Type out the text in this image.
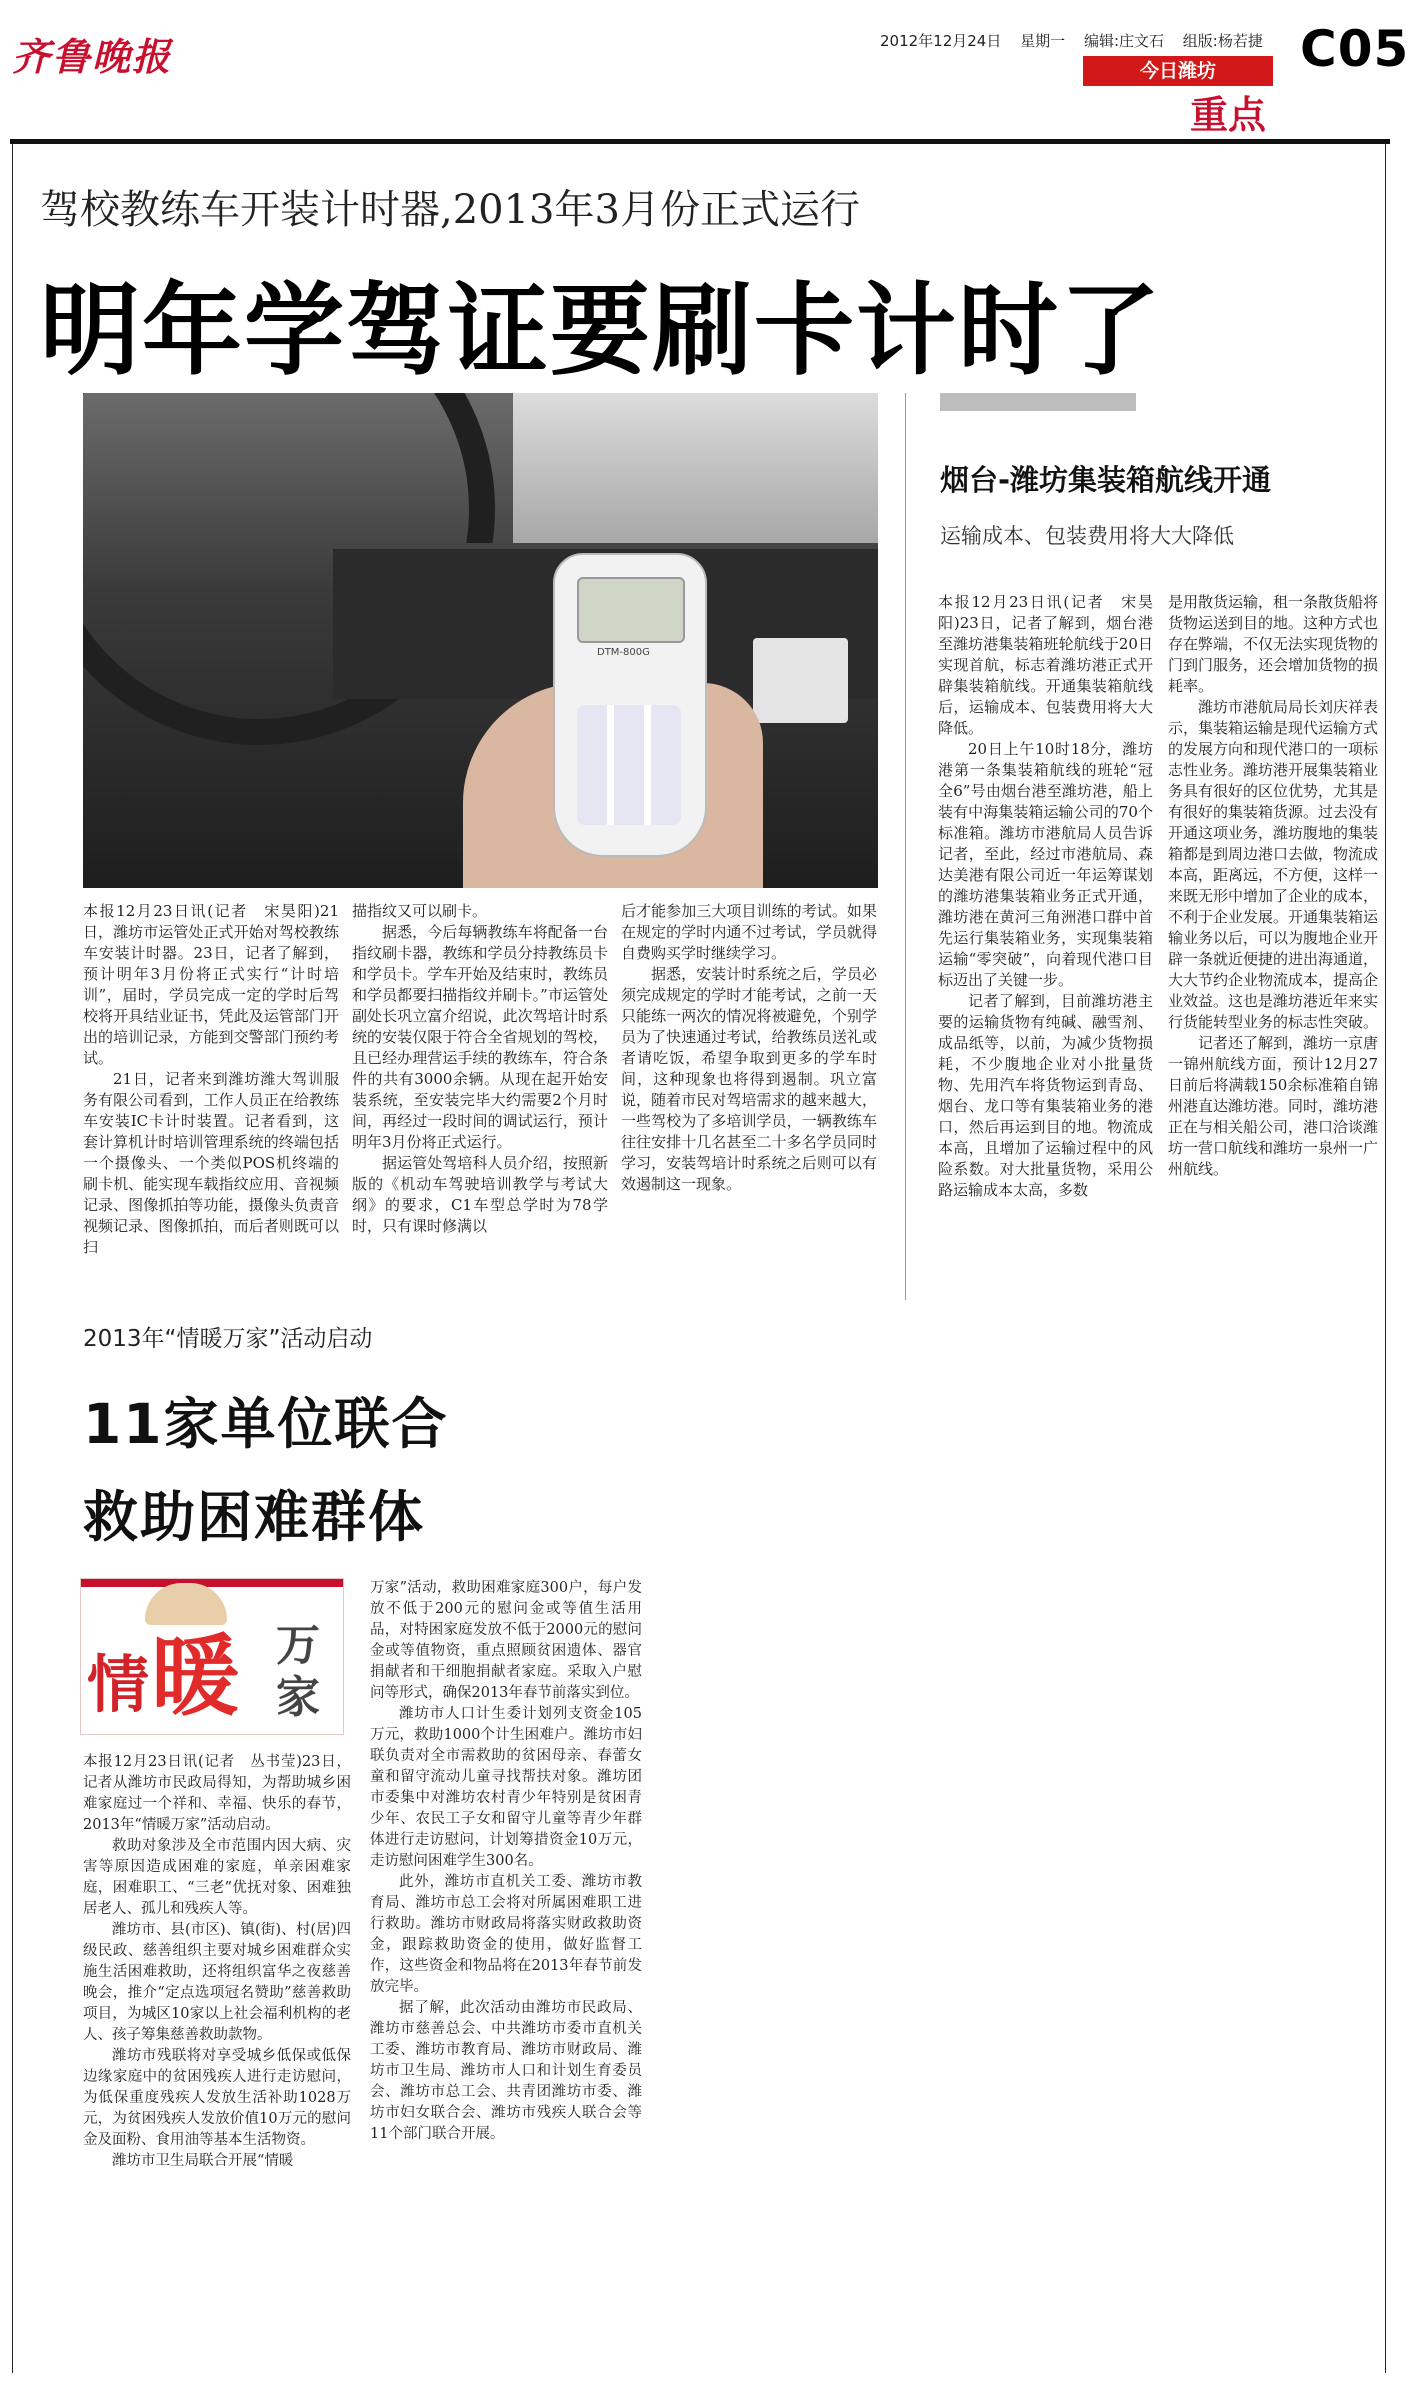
齐鲁晚报	2012年12月24日 星期一 编辑:庄文石 组版:杨若捷 C05
今日潍坊
重点
驾校教练车开装计时器,2013年3月份正式运行
明年学驾证要刷卡计时了
DTM-800G

本报12月23日讯(记者　宋昊阳)21日，潍坊市运管处正式开始对驾校教练车安装计时器。23日，记者了解到，预计明年3月份将正式实行“计时培训”，届时，学员完成一定的学时后驾校将开具结业证书，凭此及运管部门开出的培训记录，方能到交警部门预约考试。

21日，记者来到潍坊潍大驾训服务有限公司看到，工作人员正在给教练车安装IC卡计时装置。记者看到，这套计算机计时培训管理系统的终端包括一个摄像头、一个类似POS机终端的刷卡机、能实现车载指纹应用、音视频记录、图像抓拍等功能，摄像头负责音视频记录、图像抓拍，而后者则既可以扫

描指纹又可以刷卡。

据悉，今后每辆教练车将配备一台指纹刷卡器，教练和学员分持教练员卡和学员卡。学车开始及结束时，教练员和学员都要扫描指纹并刷卡。”市运管处副处长巩立富介绍说，此次驾培计时系统的安装仅限于符合全省规划的驾校，且已经办理营运手续的教练车，符合条件的共有3000余辆。从现在起开始安装系统，至安装完毕大约需要2个月时间，再经过一段时间的调试运行，预计明年3月份将正式运行。

据运管处驾培科人员介绍，按照新版的《机动车驾驶培训教学与考试大纲》的要求，C1车型总学时为78学时，只有课时修满以

后才能参加三大项目训练的考试。如果在规定的学时内通不过考试，学员就得自费购买学时继续学习。

据悉，安装计时系统之后，学员必须完成规定的学时才能考试，之前一天只能练一两次的情况将被避免，个别学员为了快速通过考试，给教练员送礼或者请吃饭，希望争取到更多的学车时间，这种现象也将得到遏制。巩立富说，随着市民对驾培需求的越来越大，一些驾校为了多培训学员，一辆教练车往往安排十几名甚至二十多名学员同时学习，安装驾培计时系统之后则可以有效遏制这一现象。

烟台-潍坊集装箱航线开通
运输成本、包装费用将大大降低

本报12月23日讯(记者　宋昊阳)23日，记者了解到，烟台港至潍坊港集装箱班轮航线于20日实现首航，标志着潍坊港正式开辟集装箱航线。开通集装箱航线后，运输成本、包装费用将大大降低。

20日上午10时18分，潍坊港第一条集装箱航线的班轮“冠全6”号由烟台港至潍坊港，船上装有中海集装箱运输公司的70个标准箱。潍坊市港航局人员告诉记者，至此，经过市港航局、森达美港有限公司近一年运筹谋划的潍坊港集装箱业务正式开通，潍坊港在黄河三角洲港口群中首先运行集装箱业务，实现集装箱运输“零突破”，向着现代港口目标迈出了关键一步。

记者了解到，目前潍坊港主要的运输货物有纯碱、融雪剂、成品纸等，以前，为减少货物损耗，不少腹地企业对小批量货物、先用汽车将货物运到青岛、烟台、龙口等有集装箱业务的港口，然后再运到目的地。物流成本高，且增加了运输过程中的风险系数。对大批量货物，采用公路运输成本太高，多数

是用散货运输，租一条散货船将货物运送到目的地。这种方式也存在弊端，不仅无法实现货物的门到门服务，还会增加货物的损耗率。

潍坊市港航局局长刘庆祥表示，集装箱运输是现代运输方式的发展方向和现代港口的一项标志性业务。潍坊港开展集装箱业务具有很好的区位优势，尤其是有很好的集装箱货源。过去没有开通这项业务，潍坊腹地的集装箱都是到周边港口去做，物流成本高，距离远，不方便，这样一来既无形中增加了企业的成本，不利于企业发展。开通集装箱运输业务以后，可以为腹地企业开辟一条就近便捷的进出海通道，大大节约企业物流成本，提高企业效益。这也是潍坊港近年来实行货能转型业务的标志性突破。

记者还了解到，潍坊一京唐一锦州航线方面，预计12月27日前后将满载150余标准箱自锦州港直达潍坊港。同时，潍坊港正在与相关船公司，港口洽谈潍坊一营口航线和潍坊一泉州一广州航线。

2013年“情暖万家”活动启动
11家单位联合
救助困难群体
情 暖 万
家

本报12月23日讯(记者　丛书莹)23日，记者从潍坊市民政局得知，为帮助城乡困难家庭过一个祥和、幸福、快乐的春节，2013年“情暖万家”活动启动。

救助对象涉及全市范围内因大病、灾害等原因造成困难的家庭，单亲困难家庭，困难职工、“三老”优抚对象、困难独居老人、孤儿和残疾人等。

潍坊市、县(市区)、镇(街)、村(居)四级民政、慈善组织主要对城乡困难群众实施生活困难救助，还将组织富华之夜慈善晚会，推介“定点选项冠名赞助”慈善救助项目，为城区10家以上社会福利机构的老人、孩子筹集慈善救助款物。

潍坊市残联将对享受城乡低保或低保边缘家庭中的贫困残疾人进行走访慰问，为低保重度残疾人发放生活补助1028万元，为贫困残疾人发放价值10万元的慰问金及面粉、食用油等基本生活物资。

潍坊市卫生局联合开展“情暖

万家”活动，救助困难家庭300户，每户发放不低于200元的慰问金或等值生活用品，对特困家庭发放不低于2000元的慰问金或等值物资，重点照顾贫困遗体、器官捐献者和干细胞捐献者家庭。采取入户慰问等形式，确保2013年春节前落实到位。

潍坊市人口计生委计划列支资金105万元，救助1000个计生困难户。潍坊市妇联负责对全市需救助的贫困母亲、春蕾女童和留守流动儿童寻找帮扶对象。潍坊团市委集中对潍坊农村青少年特别是贫困青少年、农民工子女和留守儿童等青少年群体进行走访慰问，计划筹措资金10万元，走访慰问困难学生300名。

此外，潍坊市直机关工委、潍坊市教育局、潍坊市总工会将对所属困难职工进行救助。潍坊市财政局将落实财政救助资金，跟踪救助资金的使用，做好监督工作，这些资金和物品将在2013年春节前发放完毕。

据了解，此次活动由潍坊市民政局、潍坊市慈善总会、中共潍坊市委市直机关工委、潍坊市教育局、潍坊市财政局、潍坊市卫生局、潍坊市人口和计划生育委员会、潍坊市总工会、共青团潍坊市委、潍坊市妇女联合会、潍坊市残疾人联合会等11个部门联合开展。
